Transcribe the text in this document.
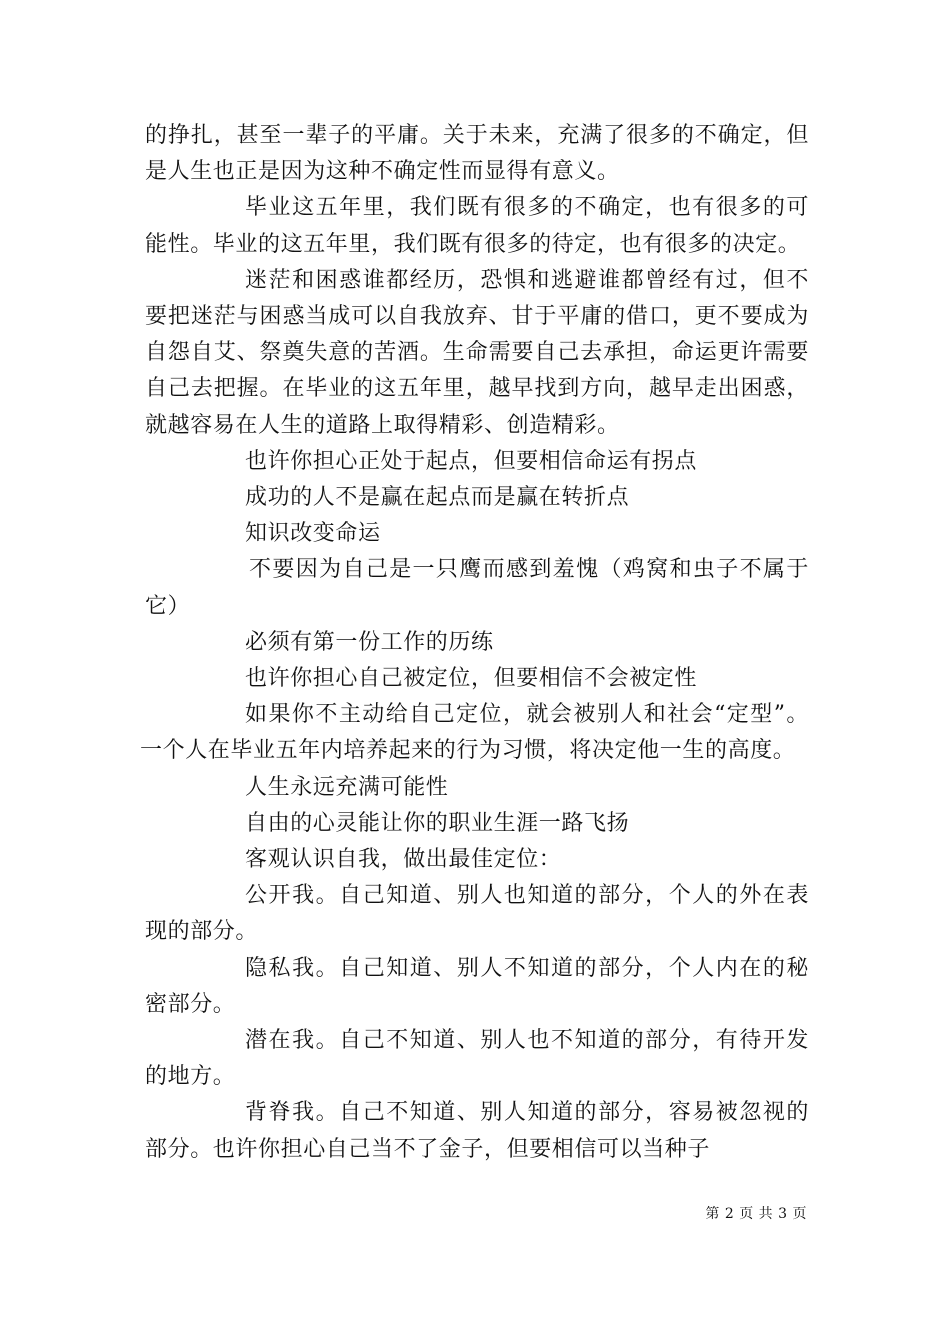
的挣扎，甚至一辈子的平庸。关于未来，充满了很多的不确定，但是人生也正是因为这种不确定性而显得有意义。

毕业这五年里，我们既有很多的不确定，也有很多的可能性。毕业的这五年里，我们既有很多的待定，也有很多的决定。

迷茫和困惑谁都经历，恐惧和逃避谁都曾经有过，但不要把迷茫与困惑当成可以自我放弃、甘于平庸的借口，更不要成为自怨自艾、祭奠失意的苦酒。生命需要自己去承担，命运更许需要自己去把握。在毕业的这五年里，越早找到方向，越早走出困惑，就越容易在人生的道路上取得精彩、创造精彩。

也许你担心正处于起点，但要相信命运有拐点

成功的人不是赢在起点而是赢在转折点

知识改变命运

不要因为自己是一只鹰而感到羞愧（鸡窝和虫子不属于它）

必须有第一份工作的历练

也许你担心自己被定位，但要相信不会被定性

如果你不主动给自己定位，就会被别人和社会“定型”。一个人在毕业五年内培养起来的行为习惯，将决定他一生的高度。

人生永远充满可能性

自由的心灵能让你的职业生涯一路飞扬

客观认识自我，做出最佳定位：

公开我。自己知道、别人也知道的部分，个人的外在表现的部分。

隐私我。自己知道、别人不知道的部分，个人内在的秘密部分。

潜在我。自己不知道、别人也不知道的部分，有待开发的地方。

背脊我。自己不知道、别人知道的部分，容易被忽视的部分。也许你担心自己当不了金子，但要相信可以当种子

第 2 页 共 3 页
